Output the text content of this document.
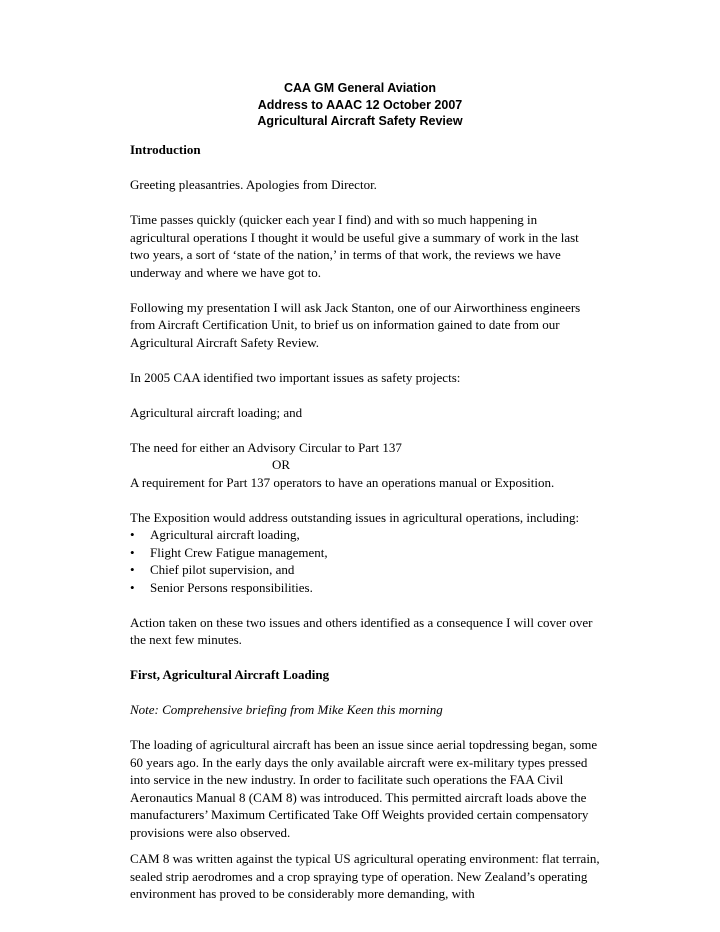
CAA GM General Aviation
Address to AAAC 12 October 2007
Agricultural Aircraft Safety Review

Introduction

Greeting pleasantries. Apologies from Director.

Time passes quickly (quicker each year I find) and with so much happening in agricultural operations I thought it would be useful give a summary of work in the last two years, a sort of ‘state of the nation,’ in terms of that work, the reviews we have underway and where we have got to.

Following my presentation I will ask Jack Stanton, one of our Airworthiness engineers from Aircraft Certification Unit, to brief us on information gained to date from our Agricultural Aircraft Safety Review.

In 2005 CAA identified two important issues as safety projects:

Agricultural aircraft loading; and

The need for either an Advisory Circular to Part 137

OR

A requirement for Part 137 operators to have an operations manual or Exposition.

The Exposition would address outstanding issues in agricultural operations, including:

• Agricultural aircraft loading,
• Flight Crew Fatigue management,
• Chief pilot supervision, and
• Senior Persons responsibilities.

Action taken on these two issues and others identified as a consequence I will cover over the next few minutes.

First, Agricultural Aircraft Loading

Note: Comprehensive briefing from Mike Keen this morning

The loading of agricultural aircraft has been an issue since aerial topdressing began, some 60 years ago. In the early days the only available aircraft were ex-military types pressed into service in the new industry. In order to facilitate such operations the FAA Civil Aeronautics Manual 8 (CAM 8) was introduced. This permitted aircraft loads above the manufacturers’ Maximum Certificated Take Off Weights provided certain compensatory provisions were also observed.

CAM 8 was written against the typical US agricultural operating environment: flat terrain, sealed strip aerodromes and a crop spraying type of operation. New Zealand’s operating environment has proved to be considerably more demanding, with
